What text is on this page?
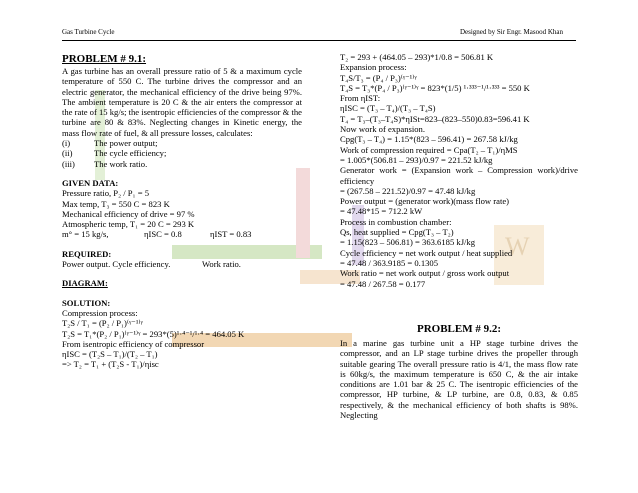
Gas Turbine Cycle	Designed by Sir Engr. Masood Khan
W
PROBLEM # 9.1:
A gas turbine has an overall pressure ratio of 5 & a maximum cycle temperature of 550 C. The turbine drives the compressor and an electric generator, the mechanical efficiency of the drive being 97%. The ambient temperature is 20 C & the air enters the compressor at the rate of 15 kg/s; the isentropic efficiencies of the compressor & the turbine are 80 & 83%. Neglecting changes in Kinetic energy, the mass flow rate of fuel, & all pressure losses, calculates:
(i)	The power output;
(ii)	The cycle efficiency;
(iii)	The work ratio.
GIVEN DATA:
Pressure ratio, P₂ / P₁ = 5
Max temp, T₃ = 550 C = 823 K
Mechanical efficiency of drive = 97 %
Atmospheric temp, T₁ = 20 C = 293 K
m° = 15 kg/s,	ηISC = 0.8	ηIST = 0.83
REQUIRED:
Power output. Cycle efficiency.	Work ratio.
DIAGRAM:
SOLUTION:
Compression process:
T₂S / T₁ = (P₂ / P₁)⁽ᵞ⁻¹⁾ᵞ
T₂S = T₁*(P₂ / P₁)⁽ᵞ⁻¹⁾ᵞ = 293*(5)¹·⁴⁻¹/¹·⁴ = 464.05 K
From isentropic efficiency of compressor
ηISC = (T₂S – T₁)/(T₂ – T₁)
=> T₂ = T₁ + (T₂S - T₁)/ηisc
T₂ = 293 + (464.05 – 293)*1/0.8 = 506.81 K
Expansion process:
T₄S/T₃ = (P₄ / P₃)⁽ᵞ⁻¹⁾ᵞ
T₄S = T₃*(P₄ / P₃)⁽ᵞ⁻¹⁾ᵞ = 823*(1/5) ¹·³³³⁻¹/¹·³³³ = 550 K
From ηIST:
ηISC = (T₃ – T₄)/(T₃ – T₄S)
T₄ = T₃–(T₃–T₄S)*ηISt=823–(823–550)0.83=596.41 K
Now work of expansion.
Cpg(T₃ – T₄) = 1.15*(823 – 596.41) = 267.58 kJ/kg
Work of compression required = Cpa(T₂ – T₁)/ηMS
= 1.005*(506.81 – 293)/0.97 = 221.52 kJ/kg
Generator work = (Expansion work – Compression work)/drive efficiency
= (267.58 – 221.52)/0.97 = 47.48 kJ/kg
Power output = (generator work)(mass flow rate)
= 47.48*15 = 712.2 kW
Process in combustion chamber:
Qs, heat supplied = Cpg(T₃ – T₂)
= 1.15(823 – 506.81) = 363.6185 kJ/kg
Cycle efficiency = net work output / heat supplied
= 47.48 / 363.9185 = 0.1305
Work ratio = net work output / gross work output
= 47.48 / 267.58 = 0.177
PROBLEM # 9.2:
In a marine gas turbine unit a HP stage turbine drives the compressor, and an LP stage turbine drives the propeller through suitable gearing The overall pressure ratio is 4/1, the mass flow rate is 60kg/s, the maximum temperature is 650 C, & the air intake conditions are 1.01 bar & 25 C. The isentropic efficiencies of the compressor, HP turbine, & LP turbine, are 0.8, 0.83, & 0.85 respectively, & the mechanical efficiency of both shafts is 98%. Neglecting
